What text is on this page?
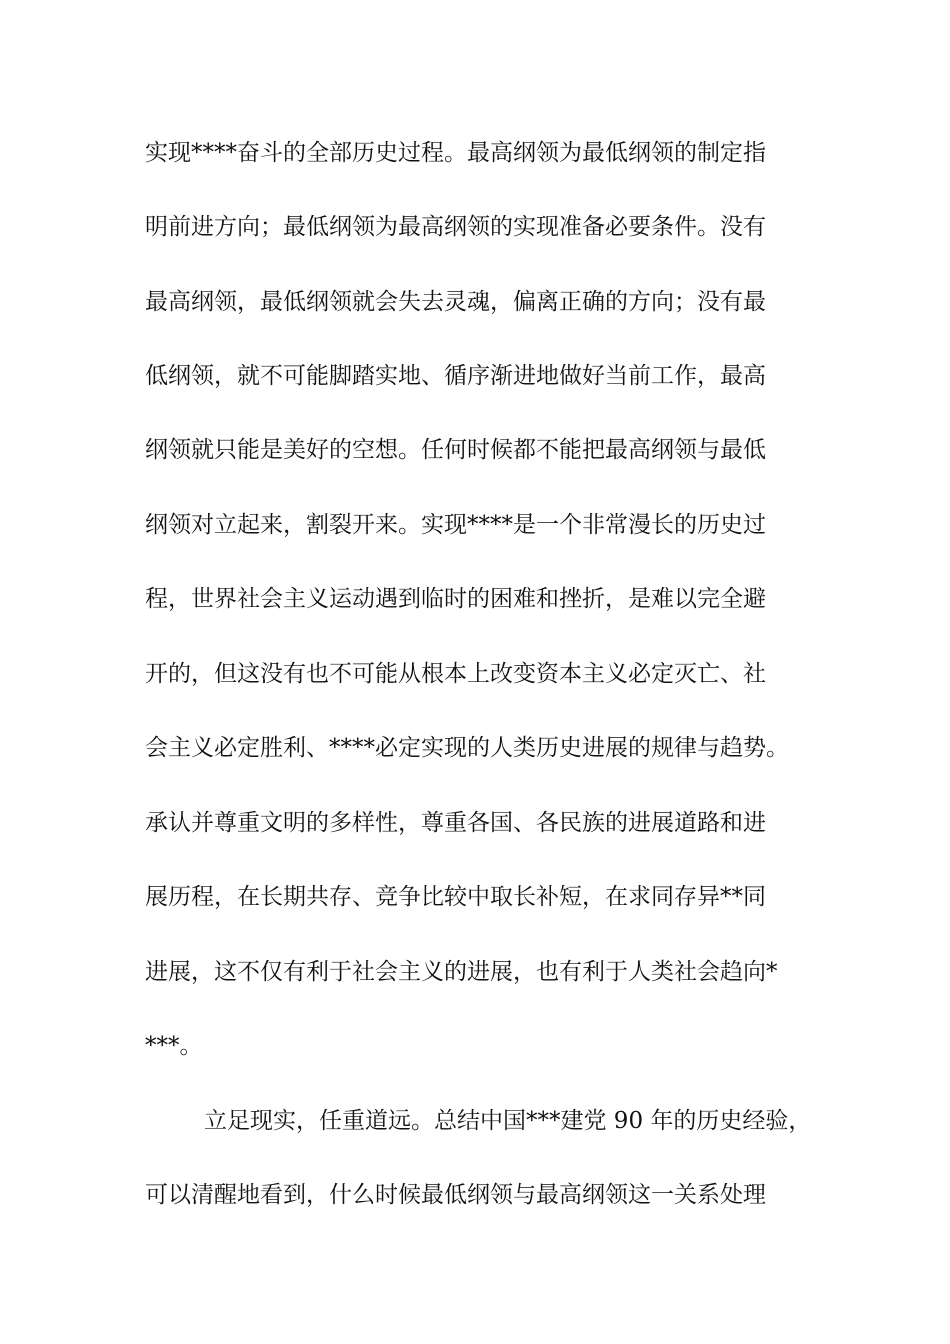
实现****奋斗的全部历史过程。最高纲领为最低纲领的制定指
明前进方向；最低纲领为最高纲领的实现准备必要条件。没有
最高纲领，最低纲领就会失去灵魂，偏离正确的方向；没有最
低纲领，就不可能脚踏实地、循序渐进地做好当前工作，最高
纲领就只能是美好的空想。任何时候都不能把最高纲领与最低
纲领对立起来，割裂开来。实现****是一个非常漫长的历史过
程，世界社会主义运动遇到临时的困难和挫折，是难以完全避
开的，但这没有也不可能从根本上改变资本主义必定灭亡、社
会主义必定胜利、****必定实现的人类历史进展的规律与趋势。
承认并尊重文明的多样性，尊重各国、各民族的进展道路和进
展历程，在长期共存、竞争比较中取长补短，在求同存异**同
进展，这不仅有利于社会主义的进展，也有利于人类社会趋向*
***。
立足现实，任重道远。总结中国***建党 90 年的历史经验，
可以清醒地看到，什么时候最低纲领与最高纲领这一关系处理
